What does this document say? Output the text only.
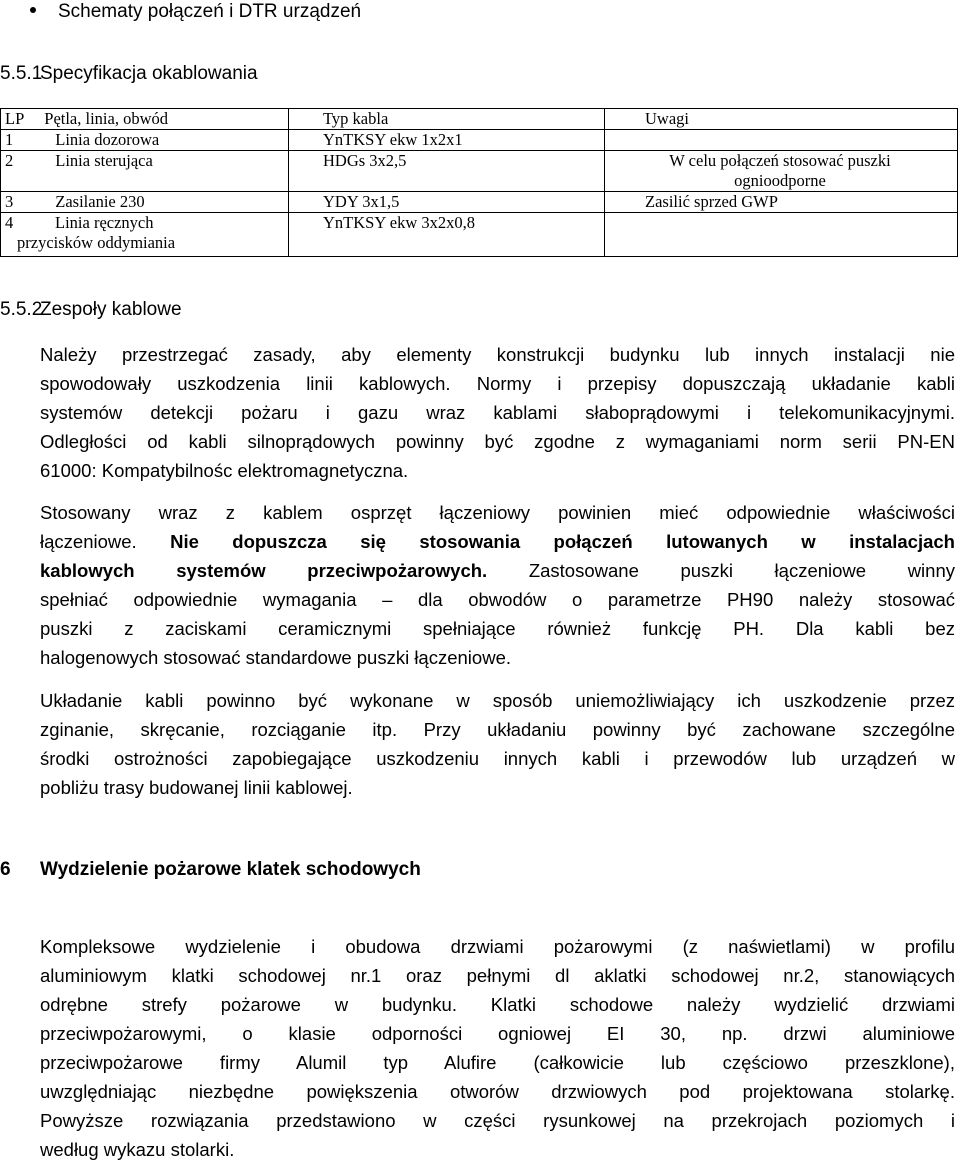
Schematy połączeń i DTR urządzeń
5.5.1Specyfikacja okablowania
LP Pętla, linia, obwód	Typ kabla	Uwagi
1 Linia dozorowa	YnTKSY ekw 1x2x1	
2 Linia sterująca	HDGs 3x2,5	W celu połączeń stosować puszki ognioodporne

3 Zasilanie 230	YDY 3x1,5	Zasilić sprzed GWP

4 Linia ręcznych przycisków oddymiania	YnTKSY ekw 3x2x0,8	
5.5.2Zespoły kablowe
Należy przestrzegać zasady, aby elementy konstrukcji budynku lub innych instalacji nie
spowodowały uszkodzenia linii kablowych. Normy i przepisy dopuszczają układanie kabli
systemów detekcji pożaru i gazu wraz kablami słaboprądowymi i telekomunikacyjnymi.
Odległości od kabli silnoprądowych powinny być zgodne z wymaganiami norm serii PN-EN
61000: Kompatybilnośc elektromagnetyczna.
Stosowany wraz z kablem osprzęt łączeniowy powinien mieć odpowiednie właściwości
łączeniowe. Nie dopuszcza się stosowania połączeń lutowanych w instalacjach
kablowych systemów przeciwpożarowych. Zastosowane puszki łączeniowe winny
spełniać odpowiednie wymagania – dla obwodów o parametrze PH90 należy stosować
puszki z zaciskami ceramicznymi spełniające również funkcję PH. Dla kabli bez
halogenowych stosować standardowe puszki łączeniowe.
Układanie kabli powinno być wykonane w sposób uniemożliwiający ich uszkodzenie przez
zginanie, skręcanie, rozciąganie itp. Przy układaniu powinny być zachowane szczególne
środki ostrożności zapobiegające uszkodzeniu innych kabli i przewodów lub urządzeń w
pobliżu trasy budowanej linii kablowej.
6 Wydzielenie pożarowe klatek schodowych
Kompleksowe wydzielenie i obudowa drzwiami pożarowymi (z naświetlami) w profilu
aluminiowym klatki schodowej nr.1 oraz pełnymi dl aklatki schodowej nr.2, stanowiących
odrębne strefy pożarowe w budynku. Klatki schodowe należy wydzielić drzwiami
przeciwpożarowymi, o klasie odporności ogniowej EI 30, np. drzwi aluminiowe
przeciwpożarowe firmy Alumil typ Alufire (całkowicie lub częściowo przeszklone),
uwzględniając niezbędne powiększenia otworów drzwiowych pod projektowana stolarkę.
Powyższe rozwiązania przedstawiono w części rysunkowej na przekrojach poziomych i
według wykazu stolarki.
